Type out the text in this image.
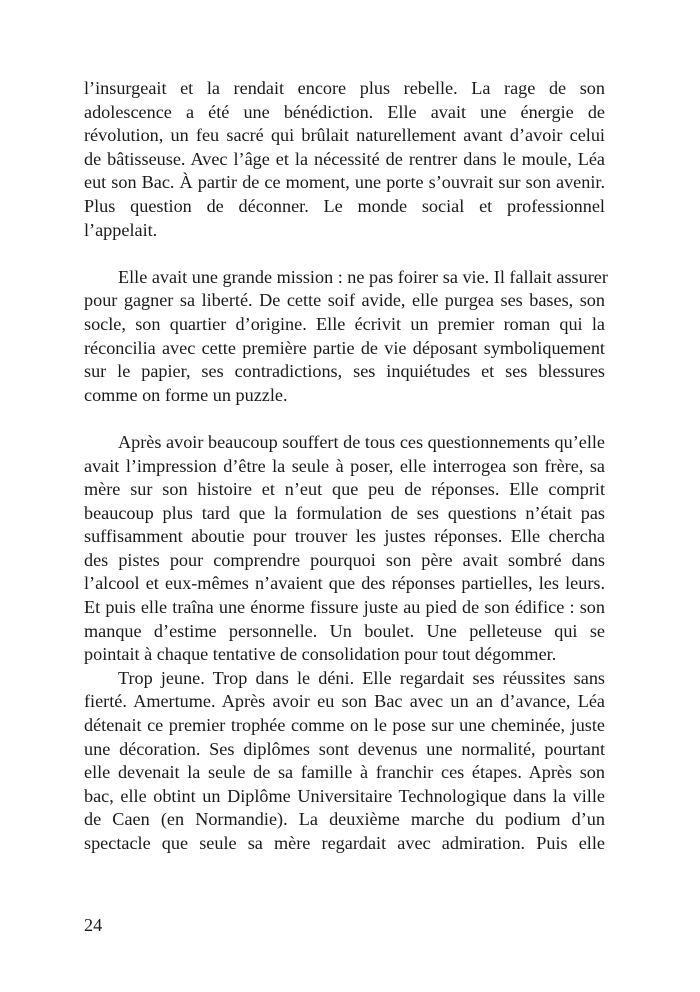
l’insurgeait et la rendait encore plus rebelle. La rage de son
adolescence a été une bénédiction. Elle avait une énergie de
révolution, un feu sacré qui brûlait naturellement avant d’avoir celui
de bâtisseuse. Avec l’âge et la nécessité de rentrer dans le moule, Léa
eut son Bac. À partir de ce moment, une porte s’ouvrait sur son avenir.
Plus question de déconner. Le monde social et professionnel
l’appelait.
Elle avait une grande mission : ne pas foirer sa vie. Il fallait assurer
pour gagner sa liberté. De cette soif avide, elle purgea ses bases, son
socle, son quartier d’origine. Elle écrivit un premier roman qui la
réconcilia avec cette première partie de vie déposant symboliquement
sur le papier, ses contradictions, ses inquiétudes et ses blessures
comme on forme un puzzle.
Après avoir beaucoup souffert de tous ces questionnements qu’elle
avait l’impression d’être la seule à poser, elle interrogea son frère, sa
mère sur son histoire et n’eut que peu de réponses. Elle comprit
beaucoup plus tard que la formulation de ses questions n’était pas
suffisamment aboutie pour trouver les justes réponses. Elle chercha
des pistes pour comprendre pourquoi son père avait sombré dans
l’alcool et eux-mêmes n’avaient que des réponses partielles, les leurs.
Et puis elle traîna une énorme fissure juste au pied de son édifice : son
manque d’estime personnelle. Un boulet. Une pelleteuse qui se
pointait à chaque tentative de consolidation pour tout dégommer.
Trop jeune. Trop dans le déni. Elle regardait ses réussites sans
fierté. Amertume. Après avoir eu son Bac avec un an d’avance, Léa
détenait ce premier trophée comme on le pose sur une cheminée, juste
une décoration. Ses diplômes sont devenus une normalité, pourtant
elle devenait la seule de sa famille à franchir ces étapes. Après son
bac, elle obtint un Diplôme Universitaire Technologique dans la ville
de Caen (en Normandie). La deuxième marche du podium d’un
spectacle que seule sa mère regardait avec admiration. Puis elle
24
